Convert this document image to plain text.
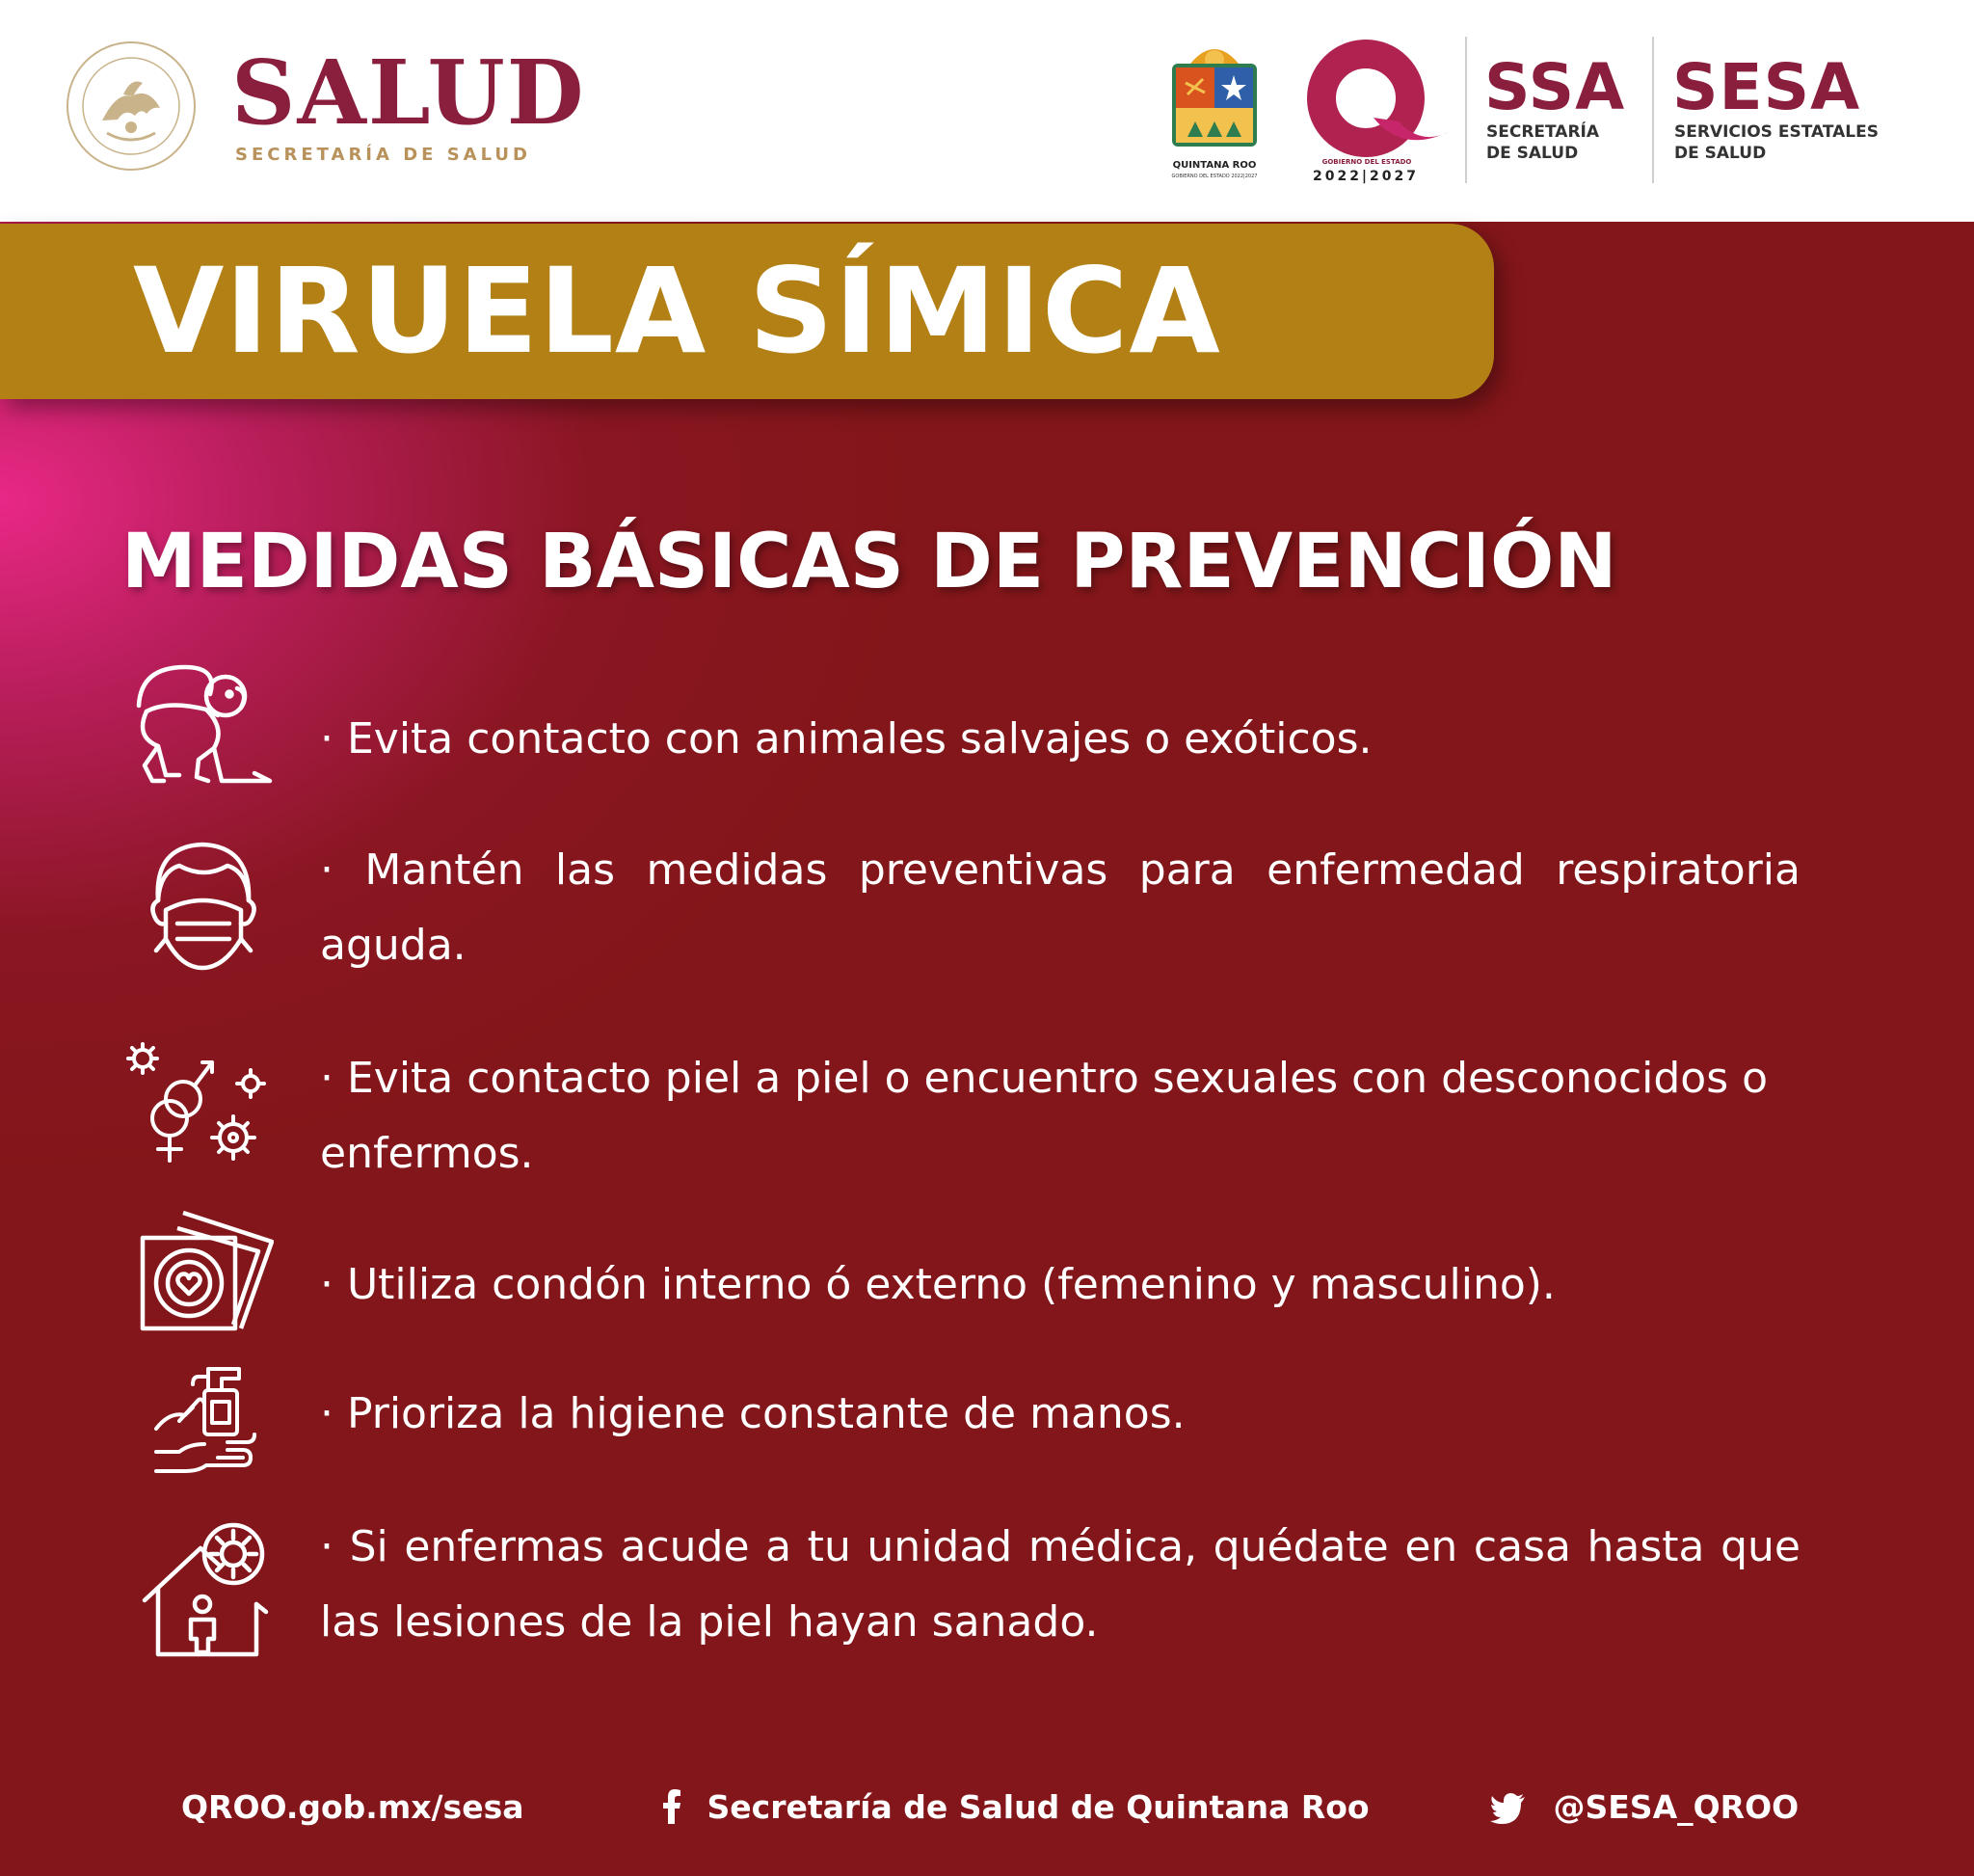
SALUD
SECRETARÍA DE SALUD
QUINTANA ROO
GOBIERNO DEL ESTADO 2022|2027
GOBIERNO DEL ESTADO
2022|2027
SSA
SECRETARÍA
DE SALUD
SESA
SERVICIOS ESTATALES
DE SALUD
VIRUELA SÍMICA
MEDIDAS BÁSICAS DE PREVENCIÓN
· Evita contacto con animales salvajes o exóticos.
· Mantén las medidas preventivas para enfermedad respiratoria aguda.
· Evita contacto piel a piel o encuentro sexuales con desconocidos o enfermos.
· Utiliza condón interno ó externo (femenino y masculino).
· Prioriza la higiene constante de manos.
· Si enfermas acude a tu unidad médica, quédate en casa hasta que las lesiones de la piel hayan sanado.
QROO.gob.mx/sesa	Secretaría de Salud de Quintana Roo	@SESA_QROO
